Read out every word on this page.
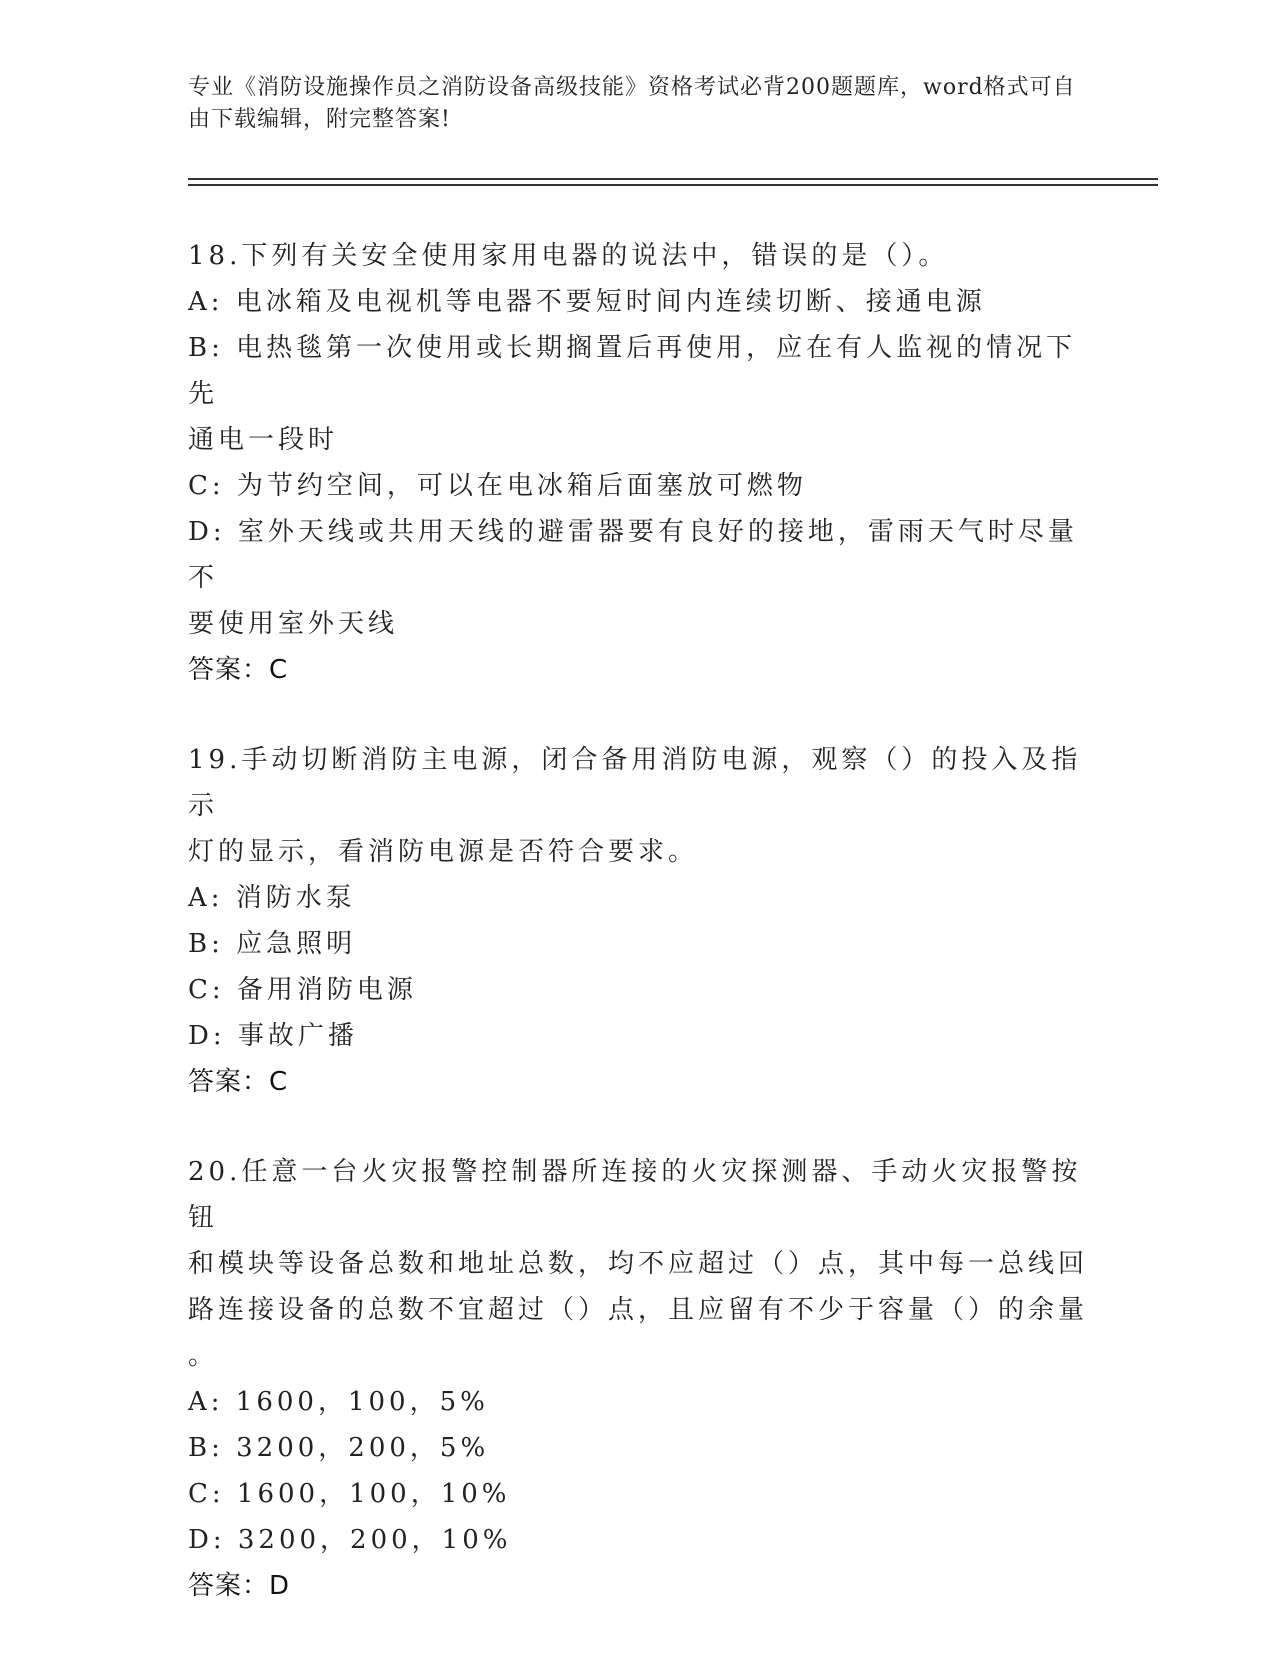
专业《消防设施操作员之消防设备高级技能》资格考试必背200题题库，word格式可自由下载编辑，附完整答案!
18.下列有关安全使用家用电器的说法中，错误的是（）。
A: 电冰箱及电视机等电器不要短时间内连续切断、接通电源
B: 电热毯第一次使用或长期搁置后再使用，应在有人监视的情况下先
通电一段时
C: 为节约空间，可以在电冰箱后面塞放可燃物
D: 室外天线或共用天线的避雷器要有良好的接地，雷雨天气时尽量不
要使用室外天线
答案：C
19.手动切断消防主电源，闭合备用消防电源，观察（）的投入及指示
灯的显示，看消防电源是否符合要求。
A: 消防水泵
B: 应急照明
C: 备用消防电源
D: 事故广播
答案：C
20.任意一台火灾报警控制器所连接的火灾探测器、手动火灾报警按钮
和模块等设备总数和地址总数，均不应超过（）点，其中每一总线回
路连接设备的总数不宜超过（）点，且应留有不少于容量（）的余量
。
A: 1600，100，5%
B: 3200，200，5%
C: 1600，100，10%
D: 3200，200，10%
答案：D
